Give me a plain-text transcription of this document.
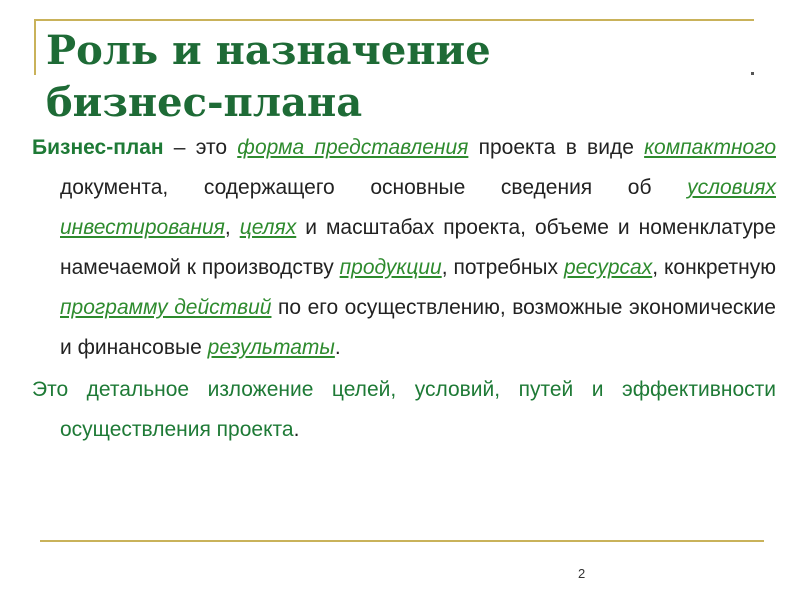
Роль и назначение
бизнес-плана

Бизнес-план – это форма представления проекта в виде компактного документа, содержащего основные сведения об условиях инвестирования, целях и масштабах проекта, объеме и номенклатуре намечаемой к производству продукции, потребных ресурсах, конкретную программу действий по его осуществлению, возможные экономические и финансовые результаты.

Это детальное изложение целей, условий, путей и эффективности осуществления проекта.

2
